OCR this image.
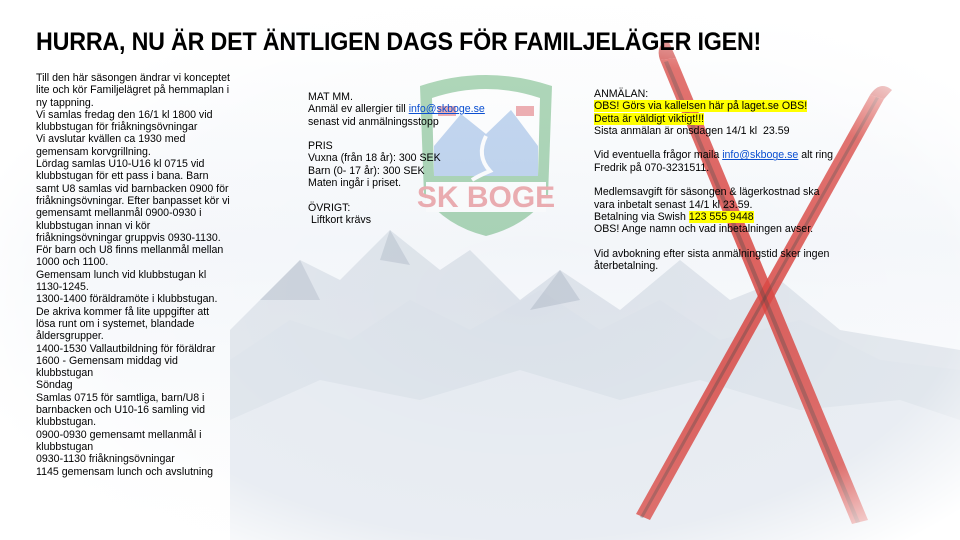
SK BOGE
HURRA, NU ÄR DET ÄNTLIGEN DAGS FÖR FAMILJELÄGER IGEN!
Till den här säsongen ändrar vi konceptet
lite och kör Familjelägret på hemmaplan i
ny tappning.
Vi samlas fredag den 16/1 kl 1800 vid
klubbstugan för friåkningsövningar
Vi avslutar kvällen ca 1930 med
gemensam korvgrillning.
Lördag samlas U10-U16 kl 0715 vid
klubbstugan för ett pass i bana. Barn
samt U8 samlas vid barnbacken 0900 för
friåkningsövningar. Efter banpasset kör vi
gemensamt mellanmål 0900-0930 i
klubbstugan innan vi kör
friåkningsövningar gruppvis 0930-1130.
För barn och U8 finns mellanmål mellan
1000 och 1100.
Gemensam lunch vid klubbstugan kl
1130-1245.
1300-1400 föräldramöte i klubbstugan.
De akriva kommer få lite uppgifter att
lösa runt om i systemet, blandade
åldersgrupper.
1400-1530 Vallautbildning för föräldrar
1600 - Gemensam middag vid
klubbstugan
Söndag
Samlas 0715 för samtliga, barn/U8 i
barnbacken och U10-16 samling vid
klubbstugan.
0900-0930 gemensamt mellanmål i
klubbstugan
0930-1130 friåkningsövningar
1145 gemensam lunch och avslutning
MAT MM.
Anmäl ev allergier till info@skboge.se
senast vid anmälningsstopp
PRIS
Vuxna (från 18 år): 300 SEK
Barn (0- 17 år): 300 SEK
Maten ingår i priset.
ÖVRIGT:
Liftkort krävs
ANMÄLAN:
OBS! Görs via kallelsen här på laget.se OBS!
Detta är väldigt viktigt!!!
Sista anmälan är onsdagen 14/1 kl  23.59
Vid eventuella frågor maila info@skboge.se alt ring
Fredrik på 070-3231511.
Medlemsavgift för säsongen & lägerkostnad ska
vara inbetalt senast 14/1 kl 23.59.
Betalning via Swish 123 555 9448
OBS! Ange namn och vad inbetalningen avser.
Vid avbokning efter sista anmälningstid sker ingen
återbetalning.
